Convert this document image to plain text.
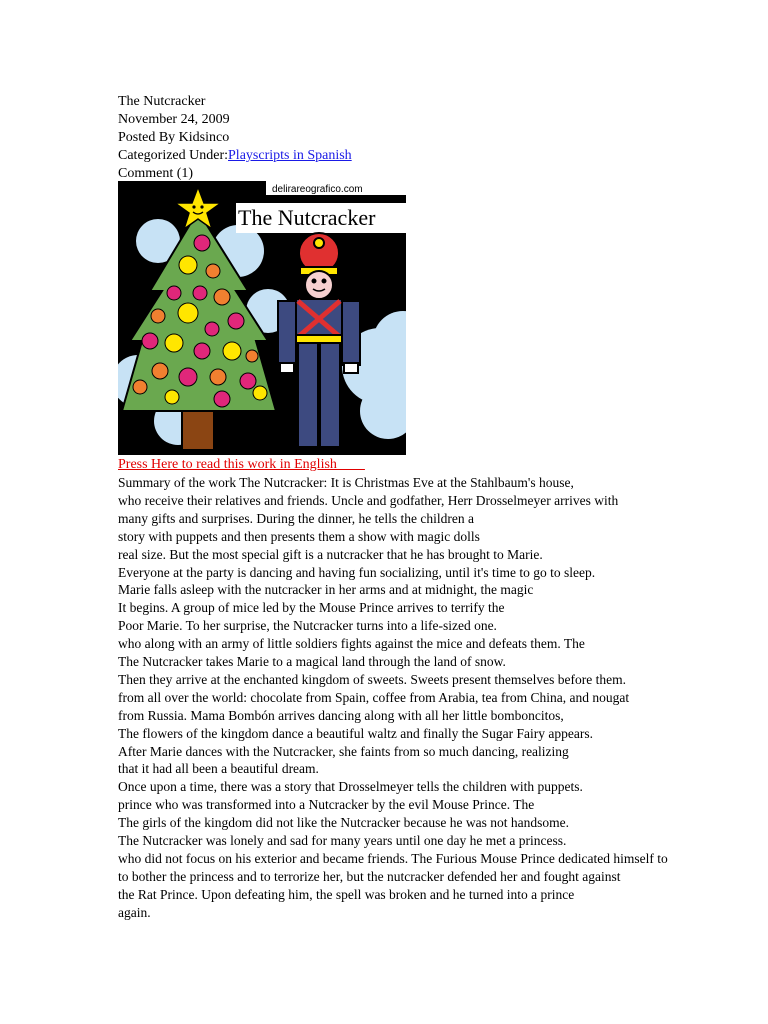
The Nutcracker
November 24, 2009
Posted By Kidsinco
Categorized Under:Playscripts in Spanish
Comment (1)
delirareografico.com
The Nutcracker
Press Here to read this work in English
Summary of the work The Nutcracker: It is Christmas Eve at the Stahlbaum's house,
who receive their relatives and friends. Uncle and godfather, Herr Drosselmeyer arrives with
many gifts and surprises. During the dinner, he tells the children a
story with puppets and then presents them a show with magic dolls
real size. But the most special gift is a nutcracker that he has brought to Marie.
Everyone at the party is dancing and having fun socializing, until it's time to go to sleep.
Marie falls asleep with the nutcracker in her arms and at midnight, the magic
It begins. A group of mice led by the Mouse Prince arrives to terrify the
Poor Marie. To her surprise, the Nutcracker turns into a life-sized one.
who along with an army of little soldiers fights against the mice and defeats them. The
The Nutcracker takes Marie to a magical land through the land of snow.
Then they arrive at the enchanted kingdom of sweets. Sweets present themselves before them.
from all over the world: chocolate from Spain, coffee from Arabia, tea from China, and nougat
from Russia. Mama Bombón arrives dancing along with all her little bomboncitos,
The flowers of the kingdom dance a beautiful waltz and finally the Sugar Fairy appears.
After Marie dances with the Nutcracker, she faints from so much dancing, realizing
that it had all been a beautiful dream.
Once upon a time, there was a story that Drosselmeyer tells the children with puppets.
prince who was transformed into a Nutcracker by the evil Mouse Prince. The
The girls of the kingdom did not like the Nutcracker because he was not handsome.
The Nutcracker was lonely and sad for many years until one day he met a princess.
who did not focus on his exterior and became friends. The Furious Mouse Prince dedicated himself to
to bother the princess and to terrorize her, but the nutcracker defended her and fought against
the Rat Prince. Upon defeating him, the spell was broken and he turned into a prince
again.
